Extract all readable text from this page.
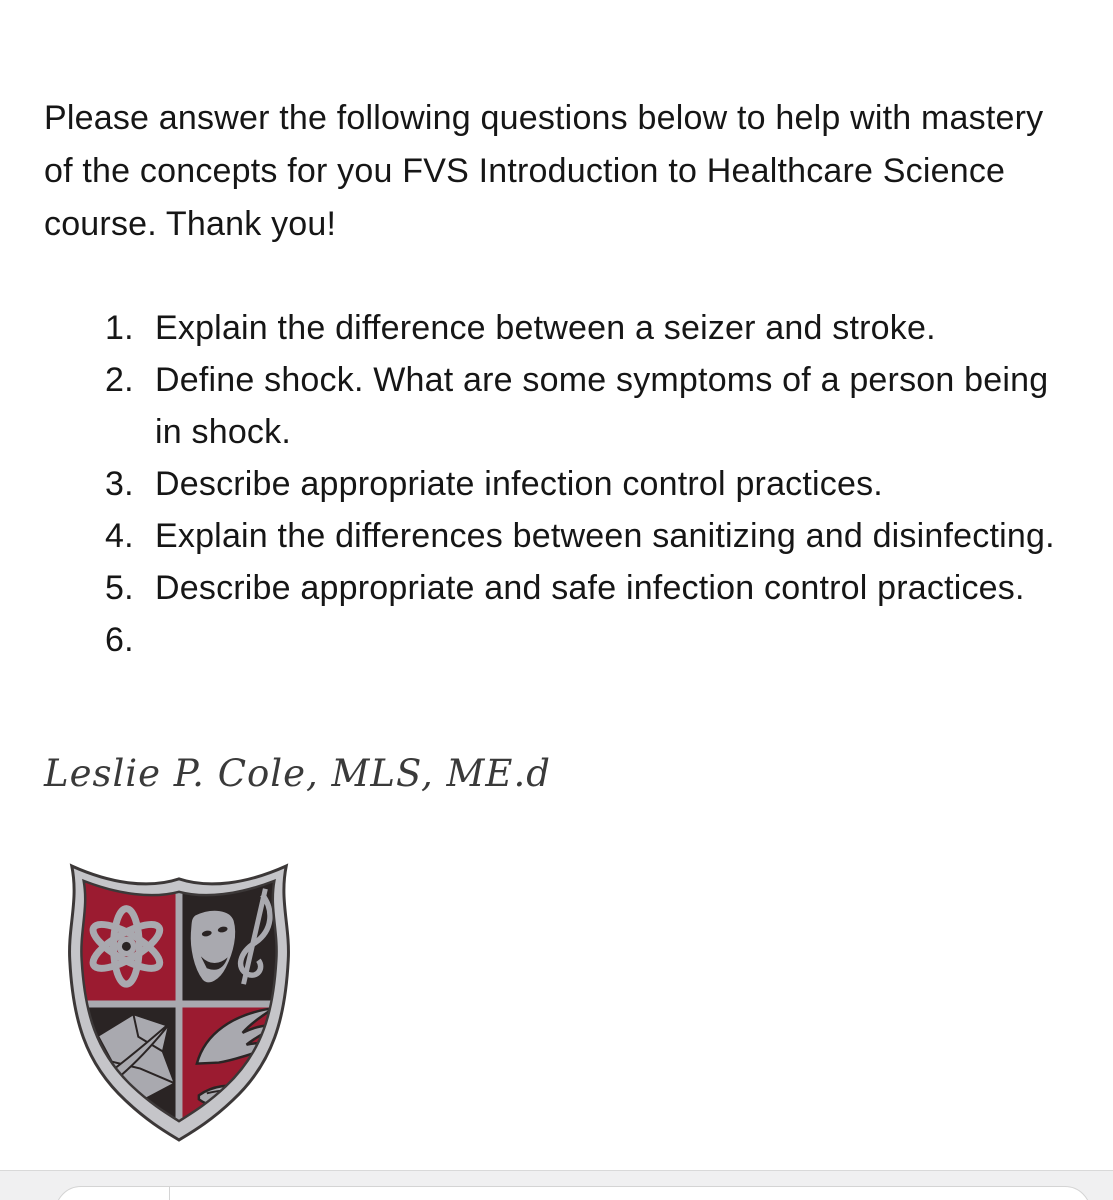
Please answer the following questions below to help with mastery of the concepts for you FVS Introduction to Healthcare Science course. Thank you!

Explain the difference between a seizer and stroke.
Define shock. What are some symptoms of a person being in shock.
Describe appropriate infection control practices.
Explain the differences between sanitizing and disinfecting.
Describe appropriate and safe infection control practices.
Leslie P. Cole, MLS, ME.d
